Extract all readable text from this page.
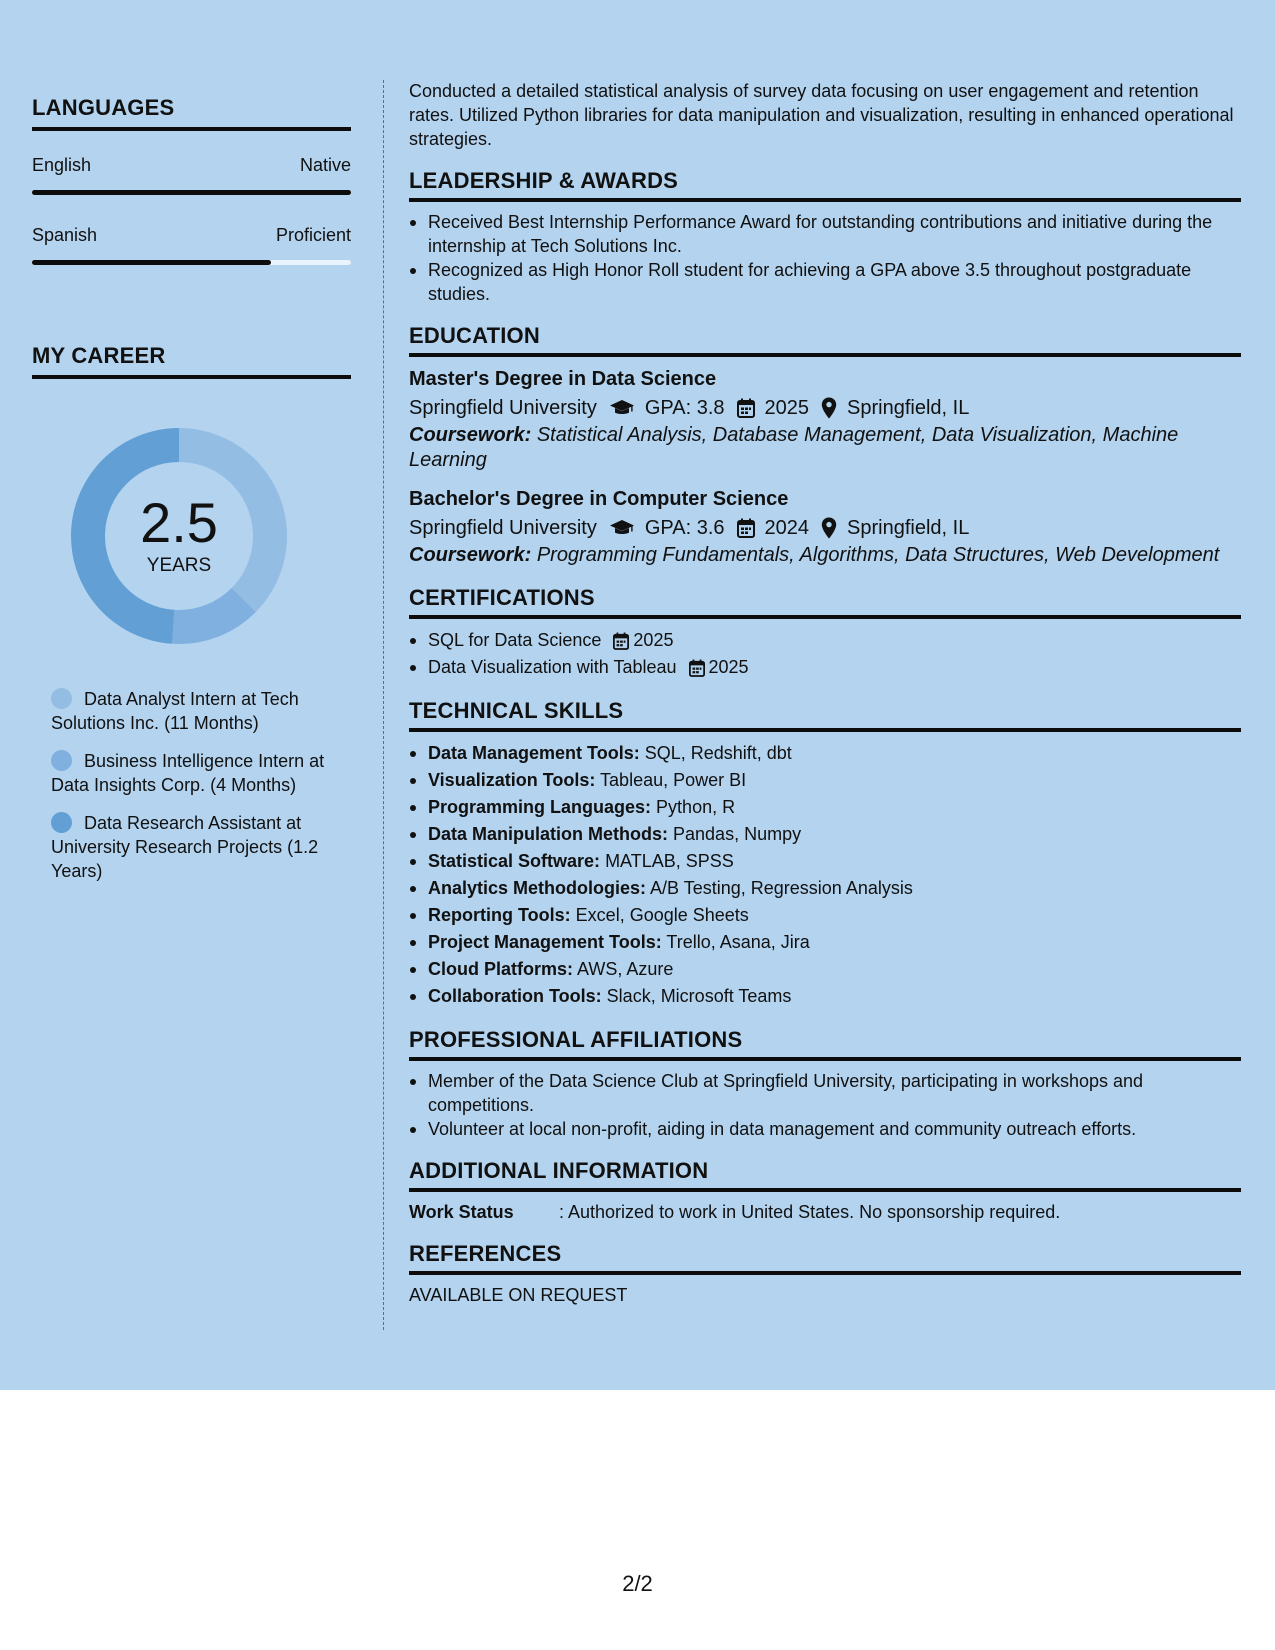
LANGUAGES
English	Native
Spanish	Proficient
MY CAREER
2.5
YEARS
Data Analyst Intern at Tech Solutions Inc. (11 Months)
Business Intelligence Intern at Data Insights Corp. (4 Months)
Data Research Assistant at University Research Projects (1.2 Years)

Conducted a detailed statistical analysis of survey data focusing on user engagement and retention rates. Utilized Python libraries for data manipulation and visualization, resulting in enhanced operational strategies.

LEADERSHIP & AWARDS
Received Best Internship Performance Award for outstanding contributions and initiative during the internship at Tech Solutions Inc.
Recognized as High Honor Roll student for achieving a GPA above 3.5 throughout postgraduate studies.
EDUCATION
Master's Degree in Data Science
Springfield University GPA: 3.8 2025 Springfield, IL
Coursework: Statistical Analysis, Database Management, Data Visualization, Machine Learning
Bachelor's Degree in Computer Science
Springfield University GPA: 3.6 2024 Springfield, IL
Coursework: Programming Fundamentals, Algorithms, Data Structures, Web Development
CERTIFICATIONS
SQL for Data Science 2025
Data Visualization with Tableau 2025
TECHNICAL SKILLS
Data Management Tools: SQL, Redshift, dbt
Visualization Tools: Tableau, Power BI
Programming Languages: Python, R
Data Manipulation Methods: Pandas, Numpy
Statistical Software: MATLAB, SPSS
Analytics Methodologies: A/B Testing, Regression Analysis
Reporting Tools: Excel, Google Sheets
Project Management Tools: Trello, Asana, Jira
Cloud Platforms: AWS, Azure
Collaboration Tools: Slack, Microsoft Teams
PROFESSIONAL AFFILIATIONS
Member of the Data Science Club at Springfield University, participating in workshops and competitions.
Volunteer at local non-profit, aiding in data management and community outreach efforts.
ADDITIONAL INFORMATION
Work Status	: Authorized to work in United States. No sponsorship required.
REFERENCES
AVAILABLE ON REQUEST
2/2
